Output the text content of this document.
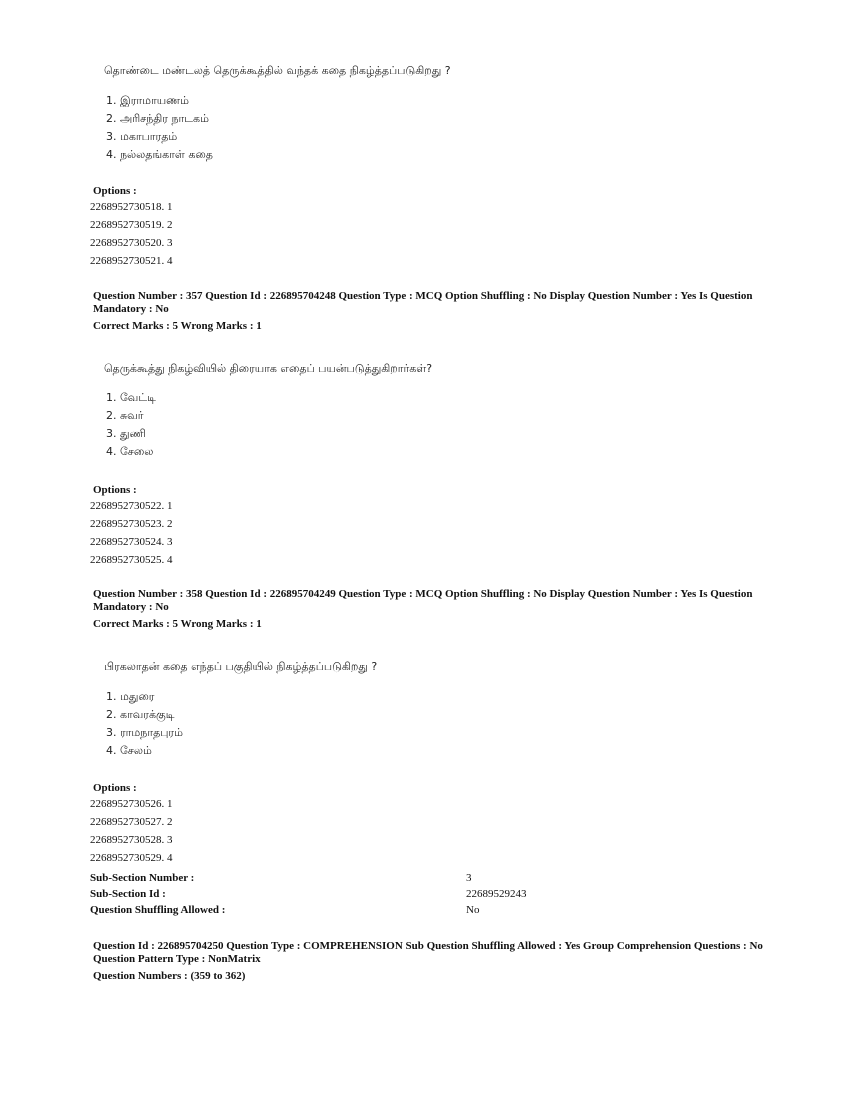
தொண்டை மண்டலத் தெருக்கூத்தில் வந்தக் கதை நிகழ்த்தப்படுகிறது ?
1. இராமாயணம்
2. அரிசந்திர நாடகம்
3. மகாபாரதம்
4. நல்லதங்காள் கதை
Options :
2268952730518. 1
2268952730519. 2
2268952730520. 3
2268952730521. 4
Question Number : 357 Question Id : 226895704248 Question Type : MCQ Option Shuffling : No Display Question Number : Yes Is Question Mandatory : No
Correct Marks : 5 Wrong Marks : 1
தெருக்கூத்து நிகழ்வியில் திரையாக எதைப் பயன்படுத்துகிறார்கள்?
1. வேட்டி
2. சுவர்
3. துணி
4. சேலை
Options :
2268952730522. 1
2268952730523. 2
2268952730524. 3
2268952730525. 4
Question Number : 358 Question Id : 226895704249 Question Type : MCQ Option Shuffling : No Display Question Number : Yes Is Question Mandatory : No
Correct Marks : 5 Wrong Marks : 1
பிரகலாதன் கதை எந்தப் பகுதியில் நிகழ்த்தப்படுகிறது ?
1. மதுரை
2. காவரக்குடி
3. ராமநாதபுரம்
4. சேலம்
Options :
2268952730526. 1
2268952730527. 2
2268952730528. 3
2268952730529. 4
Sub-Section Number :	3
Sub-Section Id :	22689529243
Question Shuffling Allowed :	No
Question Id : 226895704250 Question Type : COMPREHENSION Sub Question Shuffling Allowed : Yes Group Comprehension Questions : No Question Pattern Type : NonMatrix
Question Numbers : (359 to 362)
